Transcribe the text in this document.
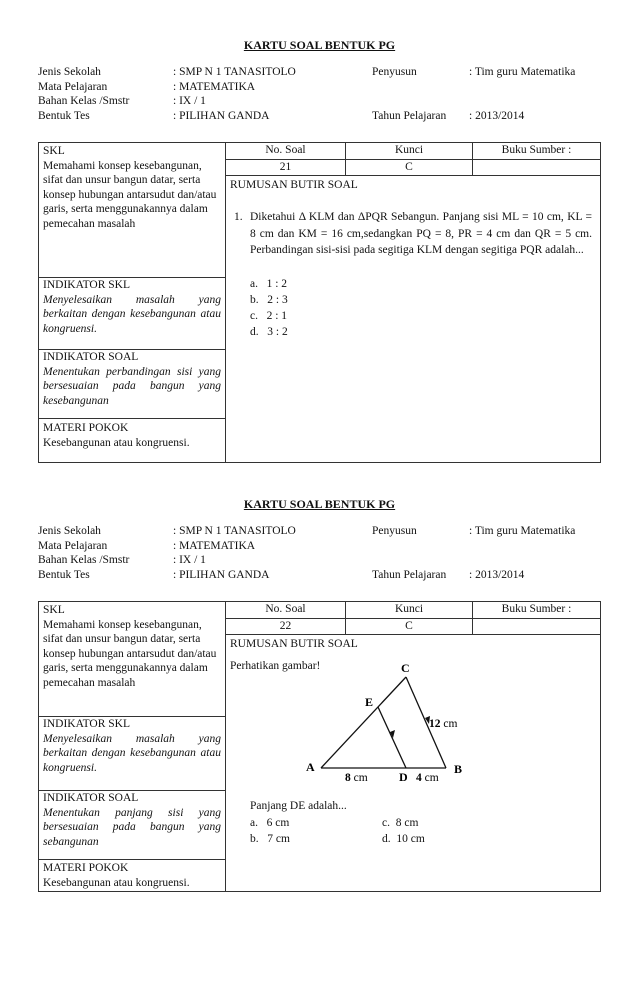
KARTU SOAL BENTUK PG
Jenis Sekolah	: SMP N 1 TANASITOLO	Penyusun	: Tim guru Matematika
Mata Pelajaran	: MATEMATIKA
Bahan Kelas /Smstr	: IX / 1
Bentuk Tes	: PILIHAN GANDA	Tahun Pelajaran : 2013/2014
SKL
Memahami konsep kesebangunan, sifat dan unsur bangun datar, serta konsep hubungan antarsudut dan/atau garis, serta menggunakannya dalam pemecahan masalah
INDIKATOR SKL
Menyelesaikan masalah yang berkaitan dengan kesebangunan atau kongruensi.
INDIKATOR SOAL
Menentukan perbandingan sisi yang bersesuaian pada bangun yang kesebangunan
MATERI POKOK
Kesebangunan atau kongruensi.
No. Soal	Kunci	Buku Sumber :
21	C
RUMUSAN BUTIR SOAL
1. Diketahui Δ KLM dan ΔPQR Sebangun. Panjang sisi ML = 10 cm, KL = 8 cm dan KM = 16 cm,sedangkan PQ = 8, PR = 4 cm dan QR = 5 cm. Perbandingan sisi-sisi pada segitiga KLM dengan segitiga PQR adalah...
a. 1 : 2
b. 2 : 3
c. 2 : 1
d. 3 : 2
KARTU SOAL BENTUK PG
Jenis Sekolah	: SMP N 1 TANASITOLO	Penyusun	: Tim guru Matematika
Mata Pelajaran	: MATEMATIKA
Bahan Kelas /Smstr	: IX / 1
Bentuk Tes	: PILIHAN GANDA	Tahun Pelajaran : 2013/2014
SKL
Memahami konsep kesebangunan, sifat dan unsur bangun datar, serta konsep hubungan antarsudut dan/atau garis, serta menggunakannya dalam pemecahan masalah
INDIKATOR SKL
Menyelesaikan masalah yang berkaitan dengan kesebangunan atau kongruensi.
INDIKATOR SOAL
Menentukan panjang sisi yang bersesuaian pada bangun yang sebangunan
MATERI POKOK
Kesebangunan atau kongruensi.
No. Soal	Kunci	Buku Sumber :
22	C
RUMUSAN BUTIR SOAL
Perhatikan gambar!
A	B
C
D
E
8 cm	4 cm
12 cm
Panjang DE adalah...
a. 6 cm
b. 7 cm
c. 8 cm
d. 10 cm
